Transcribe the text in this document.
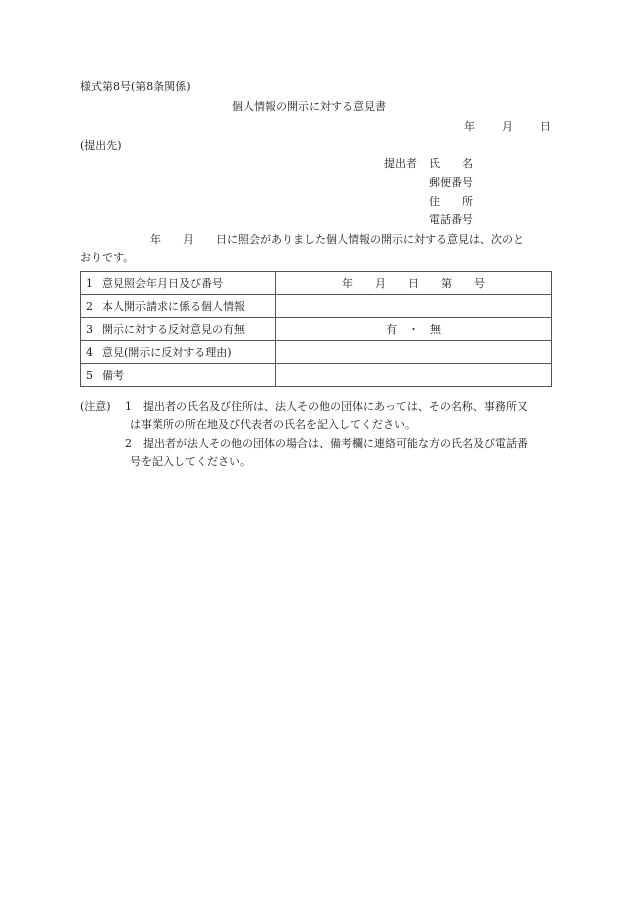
様式第8号(第8条関係)
個人情報の開示に対する意見書
年 月 日
(提出先)
提出者 氏　　名
郵便番号
住　　所
電話番号
年　　月　　日に照会がありました個人情報の開示に対する意見は、次のと
おりです。
1 意見照会年月日及び番号	年　　月　　日　　第　　号
2 本人開示請求に係る個人情報	
3 開示に対する反対意見の有無	有　・　無
4 意見(開示に反対する理由)	
5 備考	
(注意) 1　提出者の氏名及び住所は、法人その他の団体にあっては、その名称、事務所又
は事業所の所在地及び代表者の氏名を記入してください。
2　提出者が法人その他の団体の場合は、備考欄に連絡可能な方の氏名及び電話番
号を記入してください。
